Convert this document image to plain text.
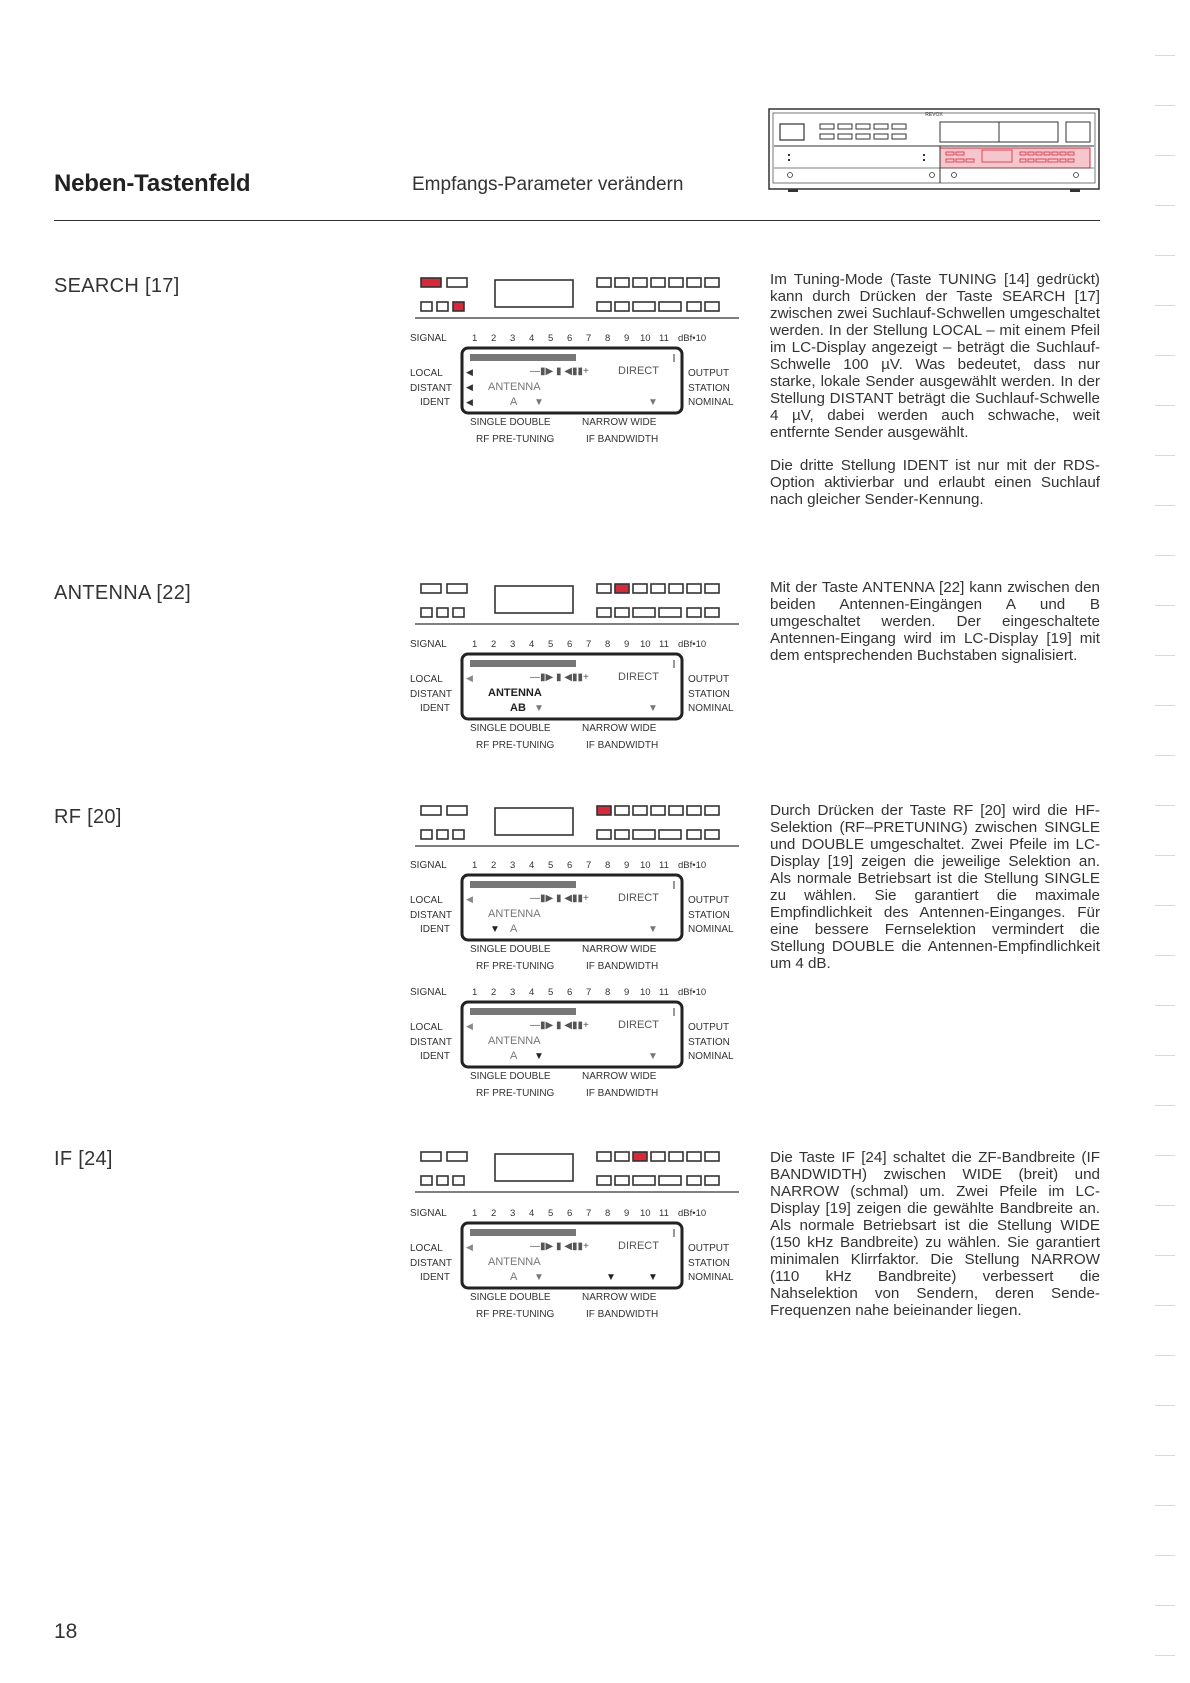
Neben-Tastenfeld	Empfangs-Parameter verändern
REVOX
SEARCH [17]
SIGNAL	1 2 3 4 5 6 7 8 9 10 11 dBf•10
LOCAL
DISTANT
IDENT
◀
◀
◀
—▮▶ ▮ ◀▮▮+	DIRECT
ANTENNA
A ▼	▼
OUTPUT
STATION
NOMINAL
SINGLE DOUBLE	NARROW WIDE
RF PRE-TUNING	IF BANDWIDTH

Im Tuning-Mode (Taste TUNING [14] gedrückt) kann durch Drücken der Taste SEARCH [17] zwischen zwei Suchlauf-Schwellen umgeschaltet werden. In der Stellung LOCAL – mit einem Pfeil im LC-Display angezeigt – beträgt die Suchlauf-Schwelle 100 µV. Was bedeutet, dass nur starke, lokale Sender ausgewählt werden. In der Stellung DISTANT beträgt die Suchlauf-Schwelle 4 µV, dabei werden auch schwache, weit entfernte Sender ausgewählt.

Die dritte Stellung IDENT ist nur mit der RDS-Option aktivierbar und erlaubt einen Suchlauf nach gleicher Sender-Kennung.

ANTENNA [22]
SIGNAL	1 2 3 4 5 6 7 8 9 10 11 dBf•10
LOCAL
DISTANT
IDENT
◀	—▮▶ ▮ ◀▮▮+	DIRECT
ANTENNA
AB ▼	▼
OUTPUT
STATION
NOMINAL
SINGLE DOUBLE	NARROW WIDE
RF PRE-TUNING	IF BANDWIDTH

Mit der Taste ANTENNA [22] kann zwischen den beiden Antennen-Eingängen A und B umgeschaltet werden. Der eingeschaltete Antennen-Eingang wird im LC-Display [19] mit dem entsprechenden Buchstaben signalisiert.

RF [20]
SIGNAL	1 2 3 4 5 6 7 8 9 10 11 dBf•10
LOCAL
DISTANT
IDENT
◀	—▮▶ ▮ ◀▮▮+	DIRECT
ANTENNA
▼ A	▼
OUTPUT
STATION
NOMINAL
SINGLE DOUBLE	NARROW WIDE
RF PRE-TUNING	IF BANDWIDTH
SIGNAL	1 2 3 4 5 6 7 8 9 10 11 dBf•10
LOCAL
DISTANT
IDENT
◀	—▮▶ ▮ ◀▮▮+	DIRECT
ANTENNA
A ▼	▼
OUTPUT
STATION
NOMINAL
SINGLE DOUBLE	NARROW WIDE
RF PRE-TUNING	IF BANDWIDTH

Durch Drücken der Taste RF [20] wird die HF-Selektion (RF–PRETUNING) zwischen SINGLE und DOUBLE umgeschaltet. Zwei Pfeile im LC-Display [19] zeigen die jeweilige Selektion an. Als normale Betriebsart ist die Stellung SINGLE zu wählen. Sie garantiert die maximale Empfindlichkeit des Antennen-Einganges. Für eine bessere Fernselektion vermindert die Stellung DOUBLE die Antennen-Empfindlichkeit um 4 dB.

IF [24]
SIGNAL	1 2 3 4 5 6 7 8 9 10 11 dBf•10
LOCAL
DISTANT
IDENT
◀	—▮▶ ▮ ◀▮▮+	DIRECT
ANTENNA
A ▼	▼	▼
OUTPUT
STATION
NOMINAL
SINGLE DOUBLE	NARROW WIDE
RF PRE-TUNING	IF BANDWIDTH

Die Taste IF [24] schaltet die ZF-Bandbreite (IF BANDWIDTH) zwischen WIDE (breit) und NARROW (schmal) um. Zwei Pfeile im LC-Display [19] zeigen die gewählte Bandbreite an. Als normale Betriebsart ist die Stellung WIDE (150 kHz Bandbreite) zu wählen. Sie garantiert minimalen Klirrfaktor. Die Stellung NARROW (110 kHz Bandbreite) verbessert die Nahselektion von Sendern, deren Sende-Frequenzen nahe beieinander liegen.

18
